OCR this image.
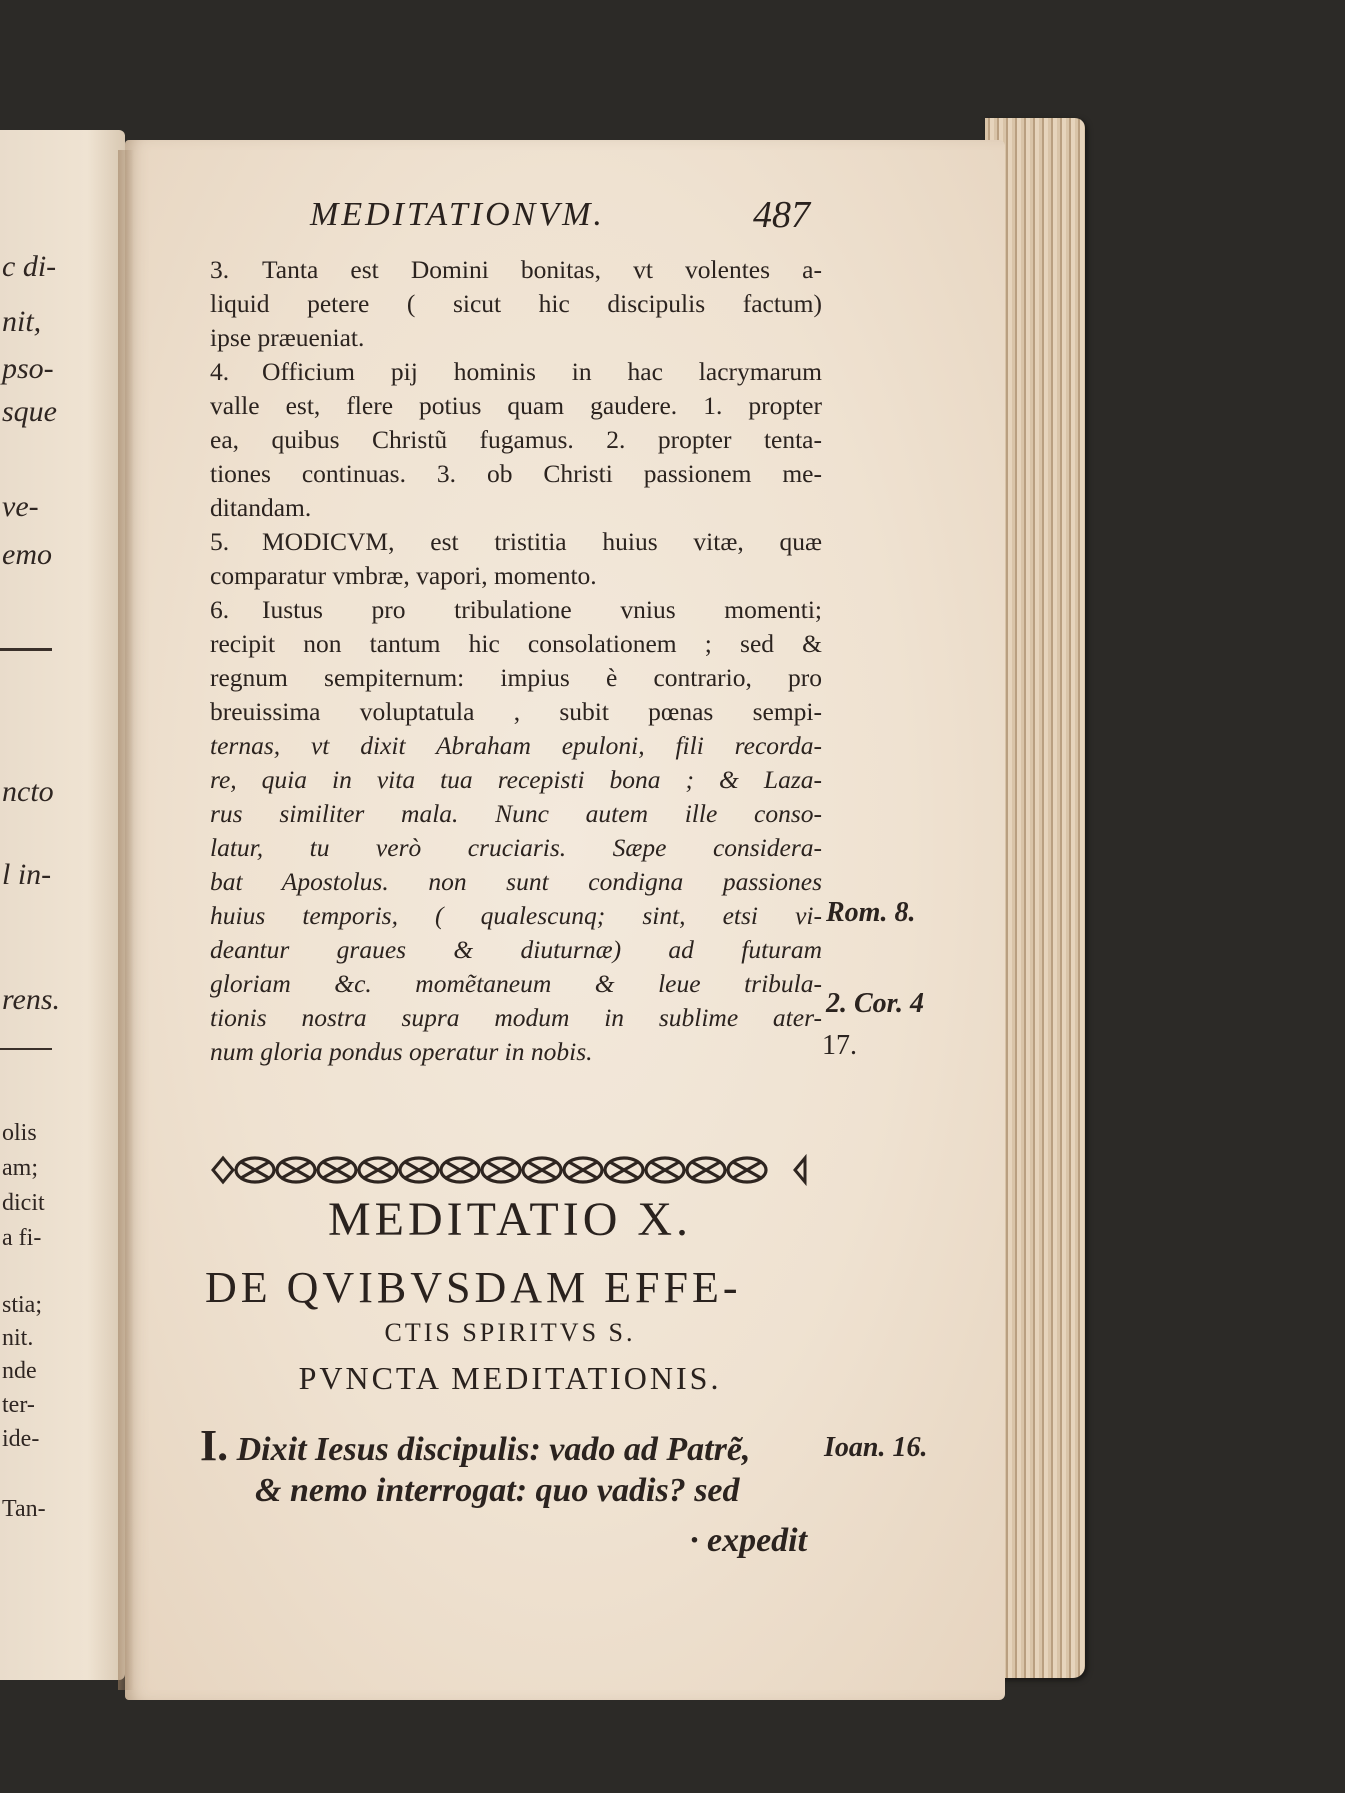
c di-
nit,
pso-
sque
ve-
emo
ncto
l in-
rens.
olis
am;
dicit
a fi-
stia;
nit.
nde
ter-
ide-
Tan-
MEDITATIONVM.	487
3. Tanta est Domini bonitas, vt volentes a-
liquid petere ( sicut hic discipulis factum)
ipse præueniat.
4. Officium pij hominis in hac lacrymarum
valle est, flere potius quam gaudere. 1. propter
ea, quibus Christũ fugamus. 2. propter tenta-
tiones continuas. 3. ob Christi passionem me-
ditandam.
5. MODICVM, est tristitia huius vitæ, quæ
comparatur vmbræ, vapori, momento.
6. Iustus pro tribulatione vnius momenti;
recipit non tantum hic consolationem ; sed &
regnum sempiternum: impius è contrario, pro
breuissima voluptatula , subit pœnas sempi-
ternas, vt dixit Abraham epuloni, fili recorda-
re, quia in vita tua recepisti bona ; & Laza-
rus similiter mala. Nunc autem ille conso-
latur, tu verò cruciaris. Sæpe considera-
bat Apostolus. non sunt condigna passiones
huius temporis, ( qualescunq; sint, etsi vi-
deantur graues & diuturnæ) ad futuram
gloriam &c. momẽtaneum & leue tribula-
tionis nostra supra modum in sublime ater-
num gloria pondus operatur in nobis.
Rom. 8.
2. Cor. 4
17.
MEDITATIO X.
DE QVIBVSDAM EFFE-
CTIS SPIRITVS S.
PVNCTA MEDITATIONIS.
I. Dixit Iesus discipulis: vado ad Patrẽ,	Ioan. 16.
& nemo interrogat: quo vadis? sed
· expedit
